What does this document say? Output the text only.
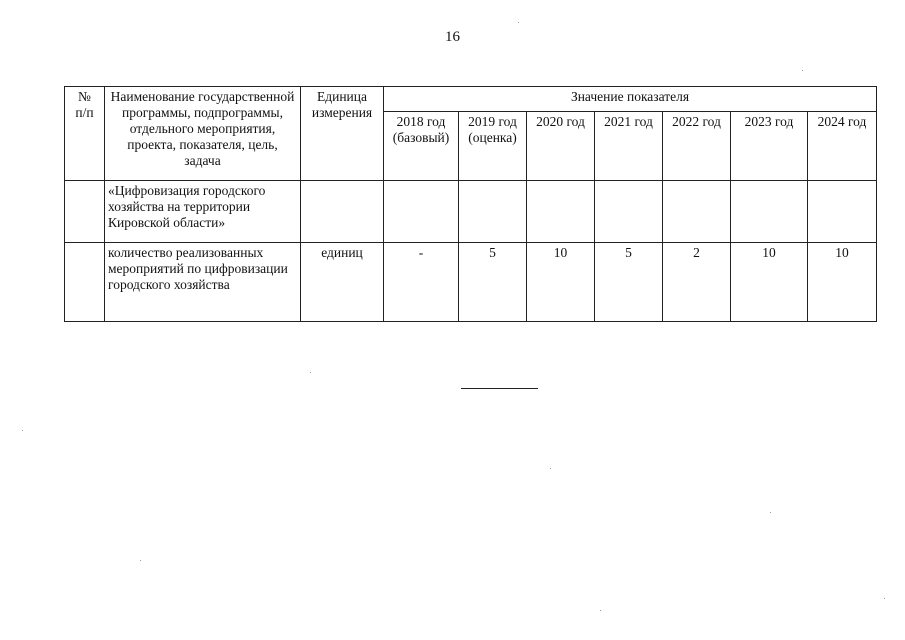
16
№
п/п	Наименование государственной программы, подпрограммы, отдельного мероприятия, проекта, показателя, цель, задача	Единица измерения	Значение показателя						
			2018 год (базовый)	2019 год (оценка)	2020 год	2021 год	2022 год	2023 год	2024 год
	«Цифровизация городского хозяйства на территории Кировской области»								
	количество реализованных мероприятий по цифровизации городского хозяйства	единиц	-	5	10	5	2	10	10
